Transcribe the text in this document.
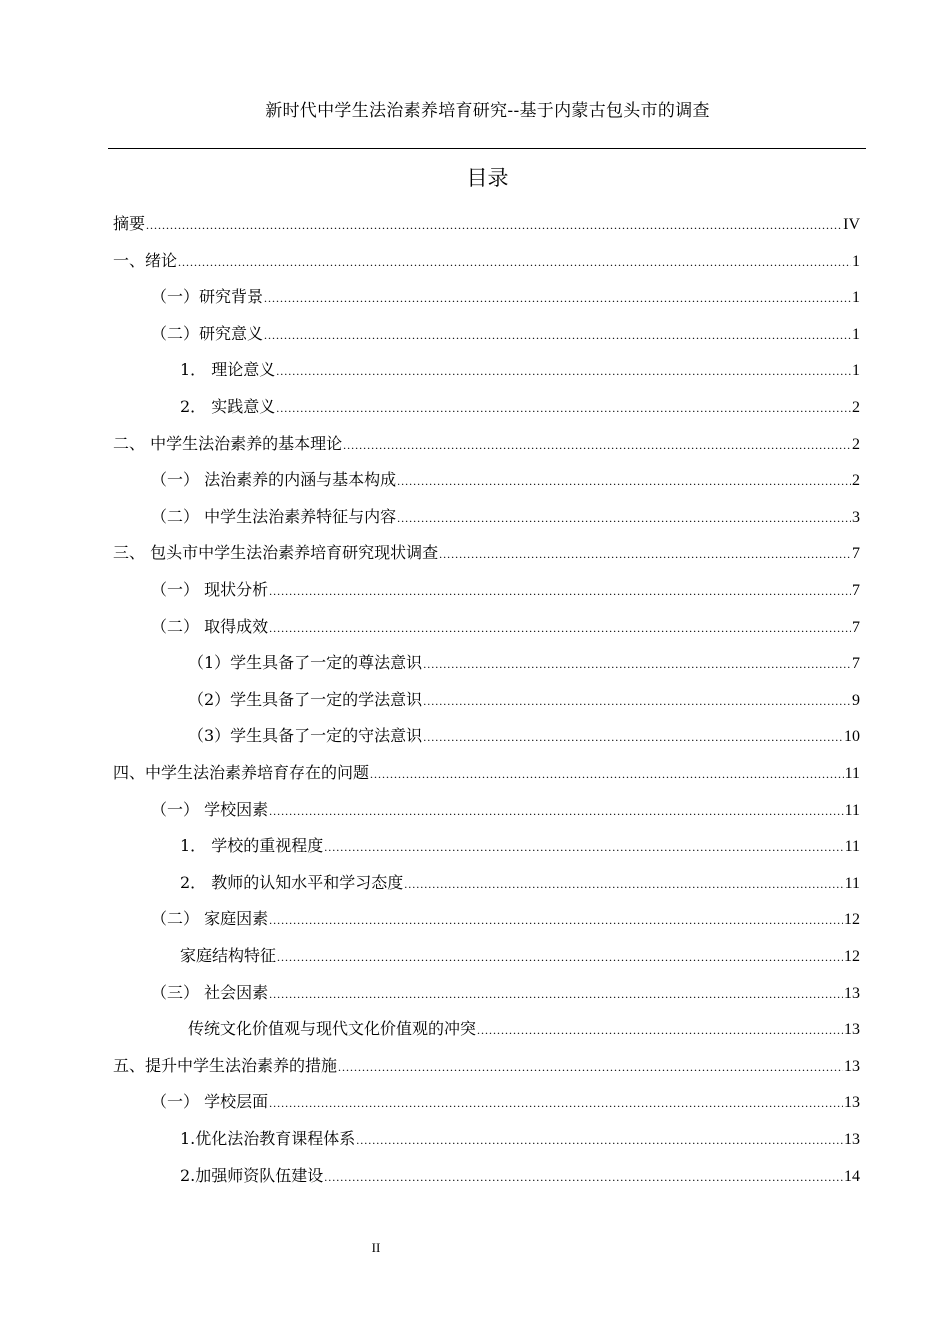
新时代中学生法治素养培育研究--基于内蒙古包头市的调查
目录
摘要 .....	IV
一、绪论 .....	1
（一）研究背景 .....	1
（二）研究意义 .....	1
1． 理论意义 .....	1
2． 实践意义 .....	2
二、 中学生法治素养的基本理论 .....	2
（一） 法治素养的内涵与基本构成 .....	2
（二） 中学生法治素养特征与内容 .....	3
三、 包头市中学生法治素养培育研究现状调查 .....	7
（一） 现状分析 .....	7
（二） 取得成效 .....	7
（1）学生具备了一定的尊法意识 .....	7
（2）学生具备了一定的学法意识 .....	9
（3）学生具备了一定的守法意识 .....	10
四、中学生法治素养培育存在的问题 .....	11
（一） 学校因素 .....	11
1． 学校的重视程度 .....	11
2． 教师的认知水平和学习态度 .....	11
（二） 家庭因素 .....	12
家庭结构特征 .....	12
（三） 社会因素 .....	13
传统文化价值观与现代文化价值观的冲突 .....	13
五、提升中学生法治素养的措施 .....	13
（一） 学校层面 .....	13
1.优化法治教育课程体系 .....	13
2.加强师资队伍建设 .....	14
II
